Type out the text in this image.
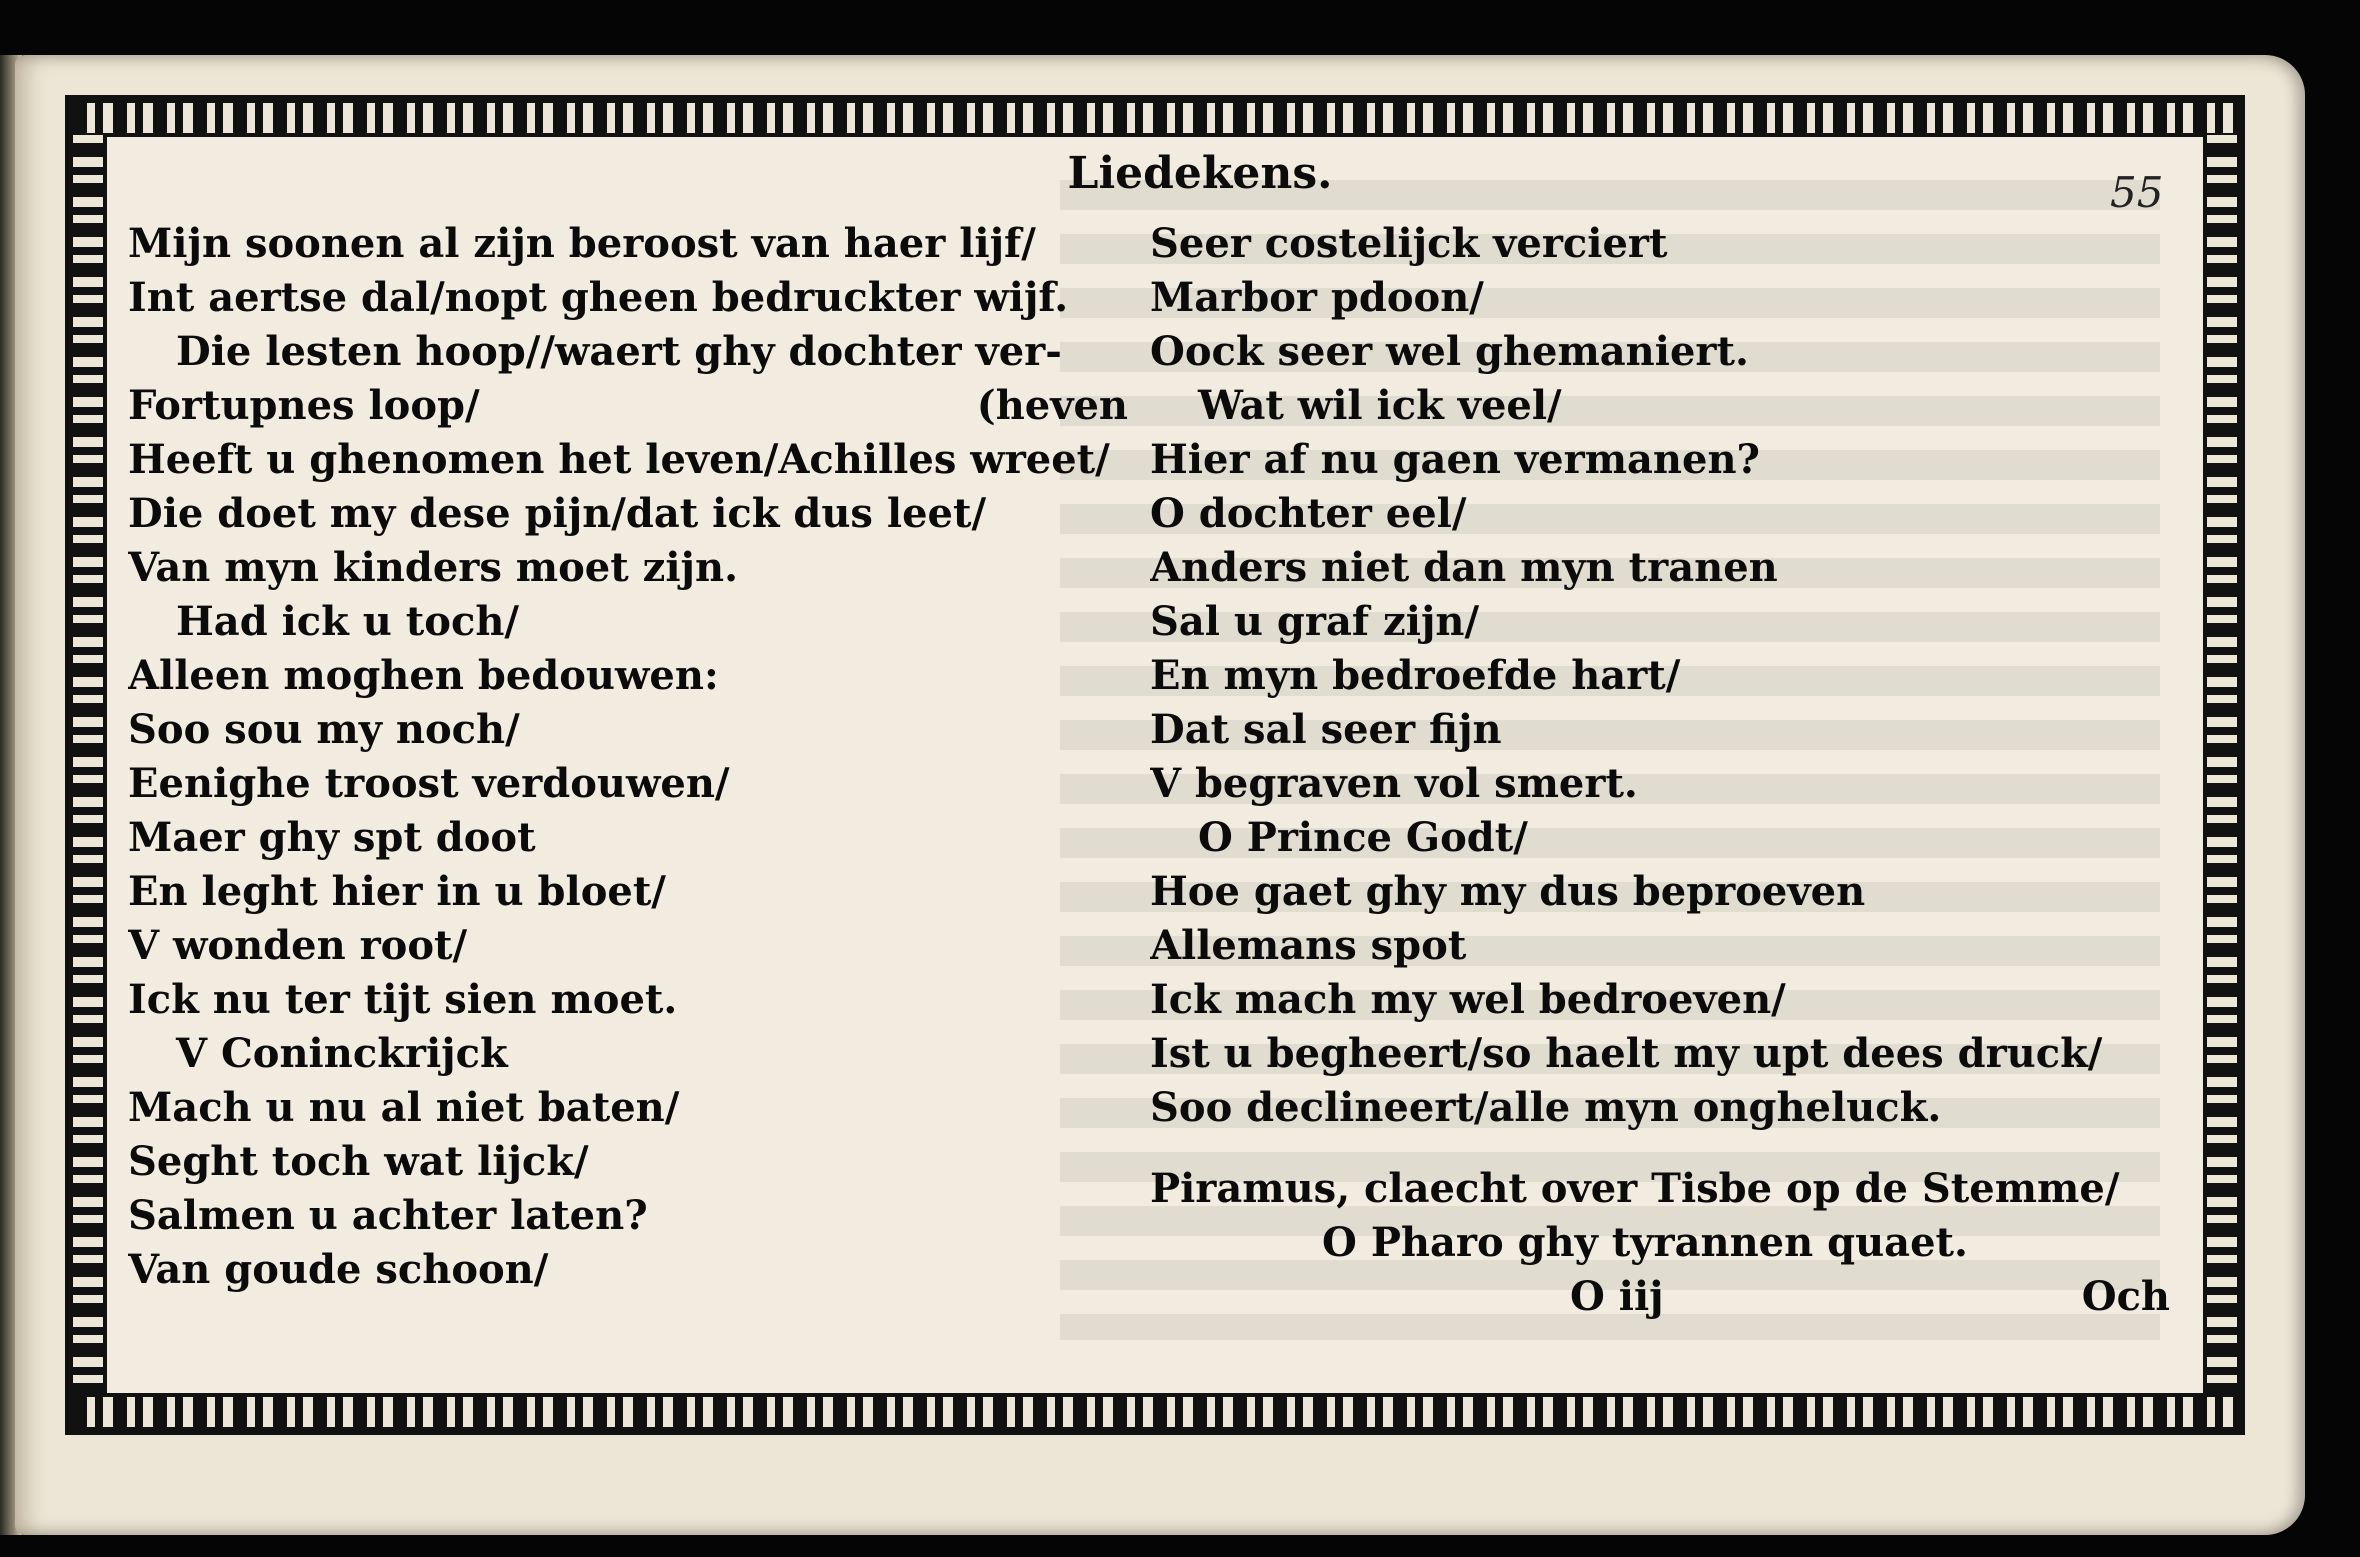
Liedekens.	55
Mijn soonen al zijn beroost van haer lijf/
Int aertse dal/nopt gheen bedruckter wijf.
Die lesten hoop//waert ghy dochter ver-
Fortupnes loop/	(heven
Heeft u ghenomen het leven/Achilles wreet/
Die doet my dese pijn/dat ick dus leet/
Van myn kinders moet zijn.
Had ick u toch/
Alleen moghen bedouwen:
Soo sou my noch/
Eenighe troost verdouwen/
Maer ghy spt doot
En leght hier in u bloet/
V wonden root/
Ick nu ter tijt sien moet.
V Coninckrijck
Mach u nu al niet baten/
Seght toch wat lijck/
Salmen u achter laten?
Van goude schoon/
Seer costelijck verciert
Marbor pdoon/
Oock seer wel ghemaniert.
Wat wil ick veel/
Hier af nu gaen vermanen?
O dochter eel/
Anders niet dan myn tranen
Sal u graf zijn/
En myn bedroefde hart/
Dat sal seer fijn
V begraven vol smert.
O Prince Godt/
Hoe gaet ghy my dus beproeven
Allemans spot
Ick mach my wel bedroeven/
Ist u begheert/so haelt my upt dees druck/
Soo declineert/alle myn ongheluck.
Piramus, claecht over Tisbe op de Stemme/
O Pharo ghy tyrannen quaet.
O iij	Och
